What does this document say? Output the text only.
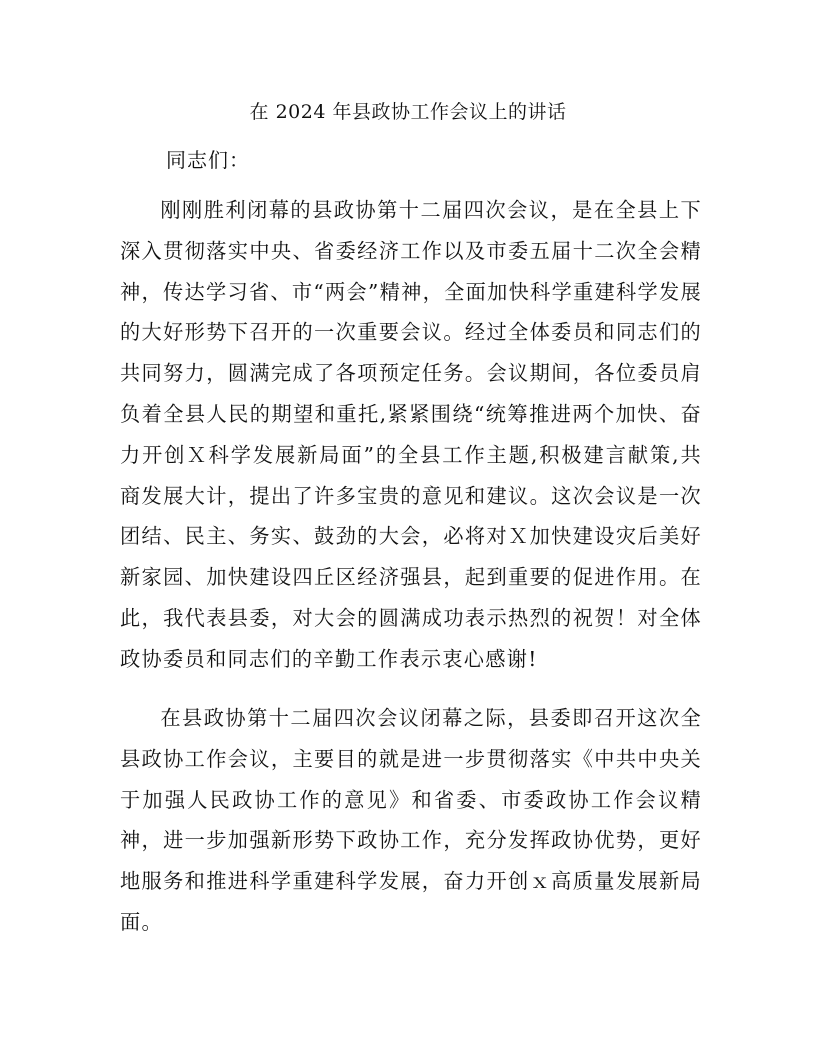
在 2024 年县政协工作会议上的讲话
同志们：

刚刚胜利闭幕的县政协第十二届四次会议，是在全县上下深入贯彻落实中央、省委经济工作以及市委五届十二次全会精神，传达学习省、市“两会”精神，全面加快科学重建科学发展的大好形势下召开的一次重要会议。经过全体委员和同志们的共同努力，圆满完成了各项预定任务。会议期间，各位委员肩负着全县人民的期望和重托,紧紧围绕“统筹推进两个加快、奋力开创Ｘ科学发展新局面”的全县工作主题,积极建言献策,共商发展大计，提出了许多宝贵的意见和建议。这次会议是一次团结、民主、务实、鼓劲的大会，必将对Ｘ加快建设灾后美好新家园、加快建设四丘区经济强县，起到重要的促进作用。在此，我代表县委，对大会的圆满成功表示热烈的祝贺！对全体政协委员和同志们的辛勤工作表示衷心感谢!

在县政协第十二届四次会议闭幕之际，县委即召开这次全县政协工作会议，主要目的就是进一步贯彻落实《中共中央关于加强人民政协工作的意见》和省委、市委政协工作会议精神，进一步加强新形势下政协工作，充分发挥政协优势，更好地服务和推进科学重建科学发展，奋力开创ｘ高质量发展新局面。
